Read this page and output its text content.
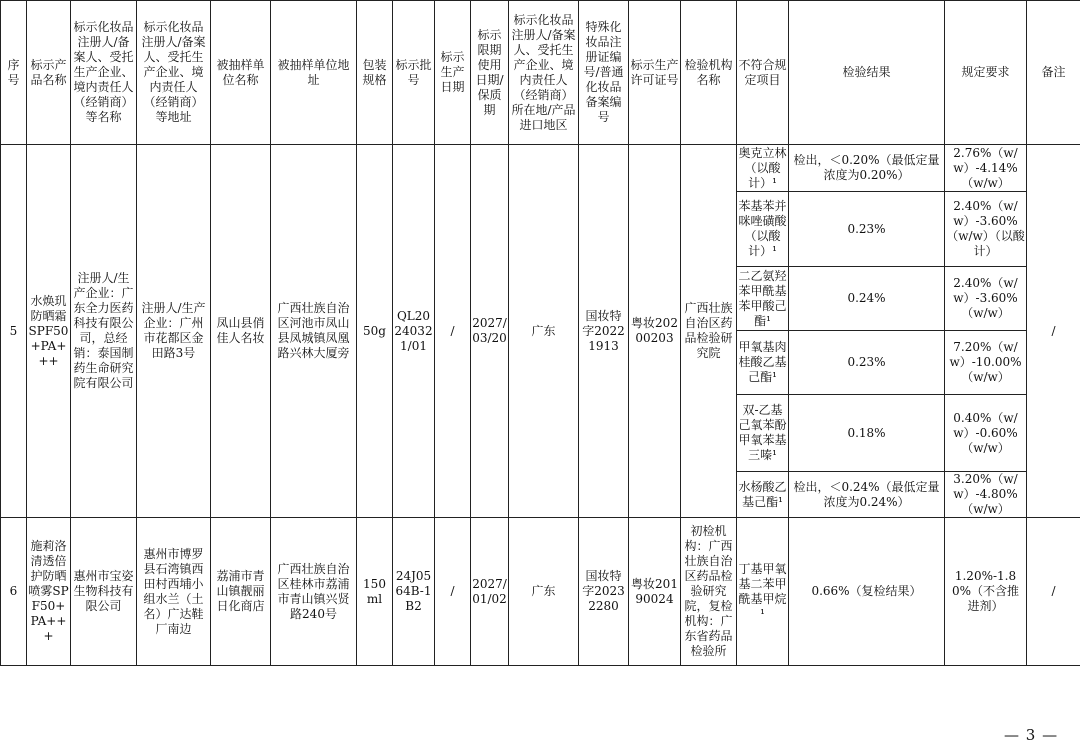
序号	标示产品名称	标示化妆品注册人/备案人、受托生产企业、境内责任人（经销商）等名称	标示化妆品注册人/备案人、受托生产企业、境内责任人（经销商）等地址	被抽样单位名称	被抽样单位地址	包装规格	标示批号	标示生产日期	标示限期使用日期/保质期	标示化妆品注册人/备案人、受托生产企业、境内责任人（经销商）所在地/产品进口地区	特殊化妆品注册证编号/普通化妆品备案编号	标示生产许可证号	检验机构名称	不符合规定项目	检验结果	规定要求	备注
5	水焕玑防晒霜SPF50+PA+++	注册人/生产企业：广东全力医药科技有限公司，总经销：泰国制药生命研究院有限公司	注册人/生产企业：广州市花都区金田路3号	凤山县俏佳人名妆	广西壮族自治区河池市凤山县凤城镇凤凰路兴林大厦旁	50g	QL20240321/01	/	2027/03/20	广东	国妆特字20221913	粤妆20200203	广西壮族自治区药品检验研究院	奥克立林（以酸计）¹	检出，＜0.20%（最低定量浓度为0.20%）	2.76%（w/w）-4.14%（w/w）	/
														苯基苯并咪唑磺酸（以酸计）¹	0.23%	2.40%（w/w）-3.60%（w/w）（以酸计）	
														二乙氨羟苯甲酰基苯甲酸己酯¹	0.24%	2.40%（w/w）-3.60%（w/w）	
														甲氧基肉桂酸乙基己酯¹	0.23%	7.20%（w/w）-10.00%（w/w）	
														双-乙基己氧苯酚甲氧苯基三嗪¹	0.18%	0.40%（w/w）-0.60%（w/w）	
														水杨酸乙基己酯¹	检出，＜0.24%（最低定量浓度为0.24%）	3.20%（w/w）-4.80%（w/w）	
6	施莉洛清透倍护防晒喷雾SPF50+PA+++	惠州市宝姿生物科技有限公司	惠州市博罗县石湾镇西田村西埔小组水兰（土名）广达鞋厂南边	荔浦市青山镇靓丽日化商店	广西壮族自治区桂林市荔浦市青山镇兴贤路240号	150ml	24J0564B-1B2	/	2027/01/02	广东	国妆特字20232280	粤妆20190024	初检机构：广西壮族自治区药品检验研究院，复检机构：广东省药品检验所	丁基甲氧基二苯甲酰基甲烷¹	0.66%（复检结果）	1.20%-1.80%（不含推进剂）	/
— 3 —
